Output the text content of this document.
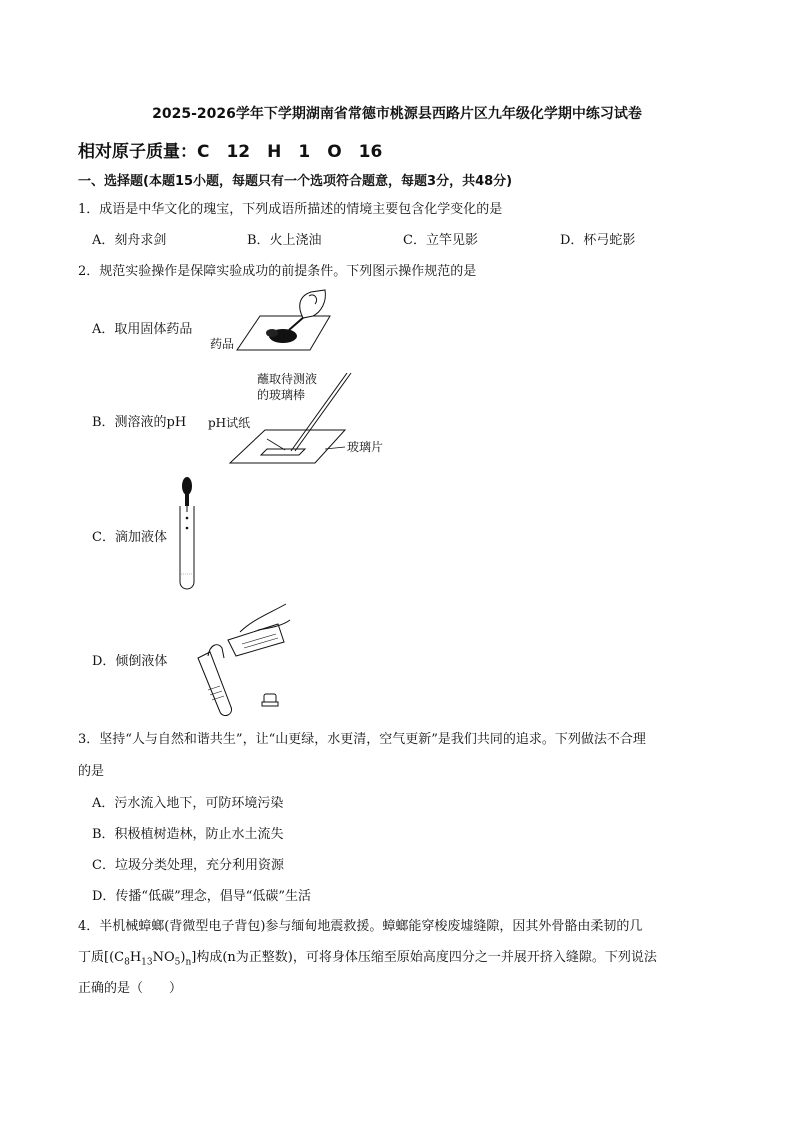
2025-2026学年下学期湖南省常德市桃源县西路片区九年级化学期中练习试卷
相对原子质量：C　12　H　1　O　16
一、选择题(本题15小题，每题只有一个选项符合题意，每题3分，共48分)
1．成语是中华文化的瑰宝，下列成语所描述的情境主要包含化学变化的是
A．刻舟求剑	B．火上浇油	C．立竿见影	D．杯弓蛇影
2．规范实验操作是保障实验成功的前提条件。下列图示操作规范的是
A．取用固体药品
药品
B．测溶液的pH
蘸取待测液
的玻璃棒
pH试纸
玻璃片
C．滴加液体
D．倾倒液体
3．坚持“人与自然和谐共生”，让“山更绿，水更清，空气更新”是我们共同的追求。下列做法不合理
的是
A．污水流入地下，可防环境污染
B．积极植树造林，防止水土流失
C．垃圾分类处理，充分利用资源
D．传播“低碳”理念，倡导“低碳”生活
4．半机械蟑螂(背微型电子背包)参与缅甸地震救援。蟑螂能穿梭废墟缝隙，因其外骨骼由柔韧的几
丁质$[(C_8H_{13}NO_5)_n]$构成(n为正整数)，可将身体压缩至原始高度四分之一并展开挤入缝隙。下列说法
正确的是（　　）
